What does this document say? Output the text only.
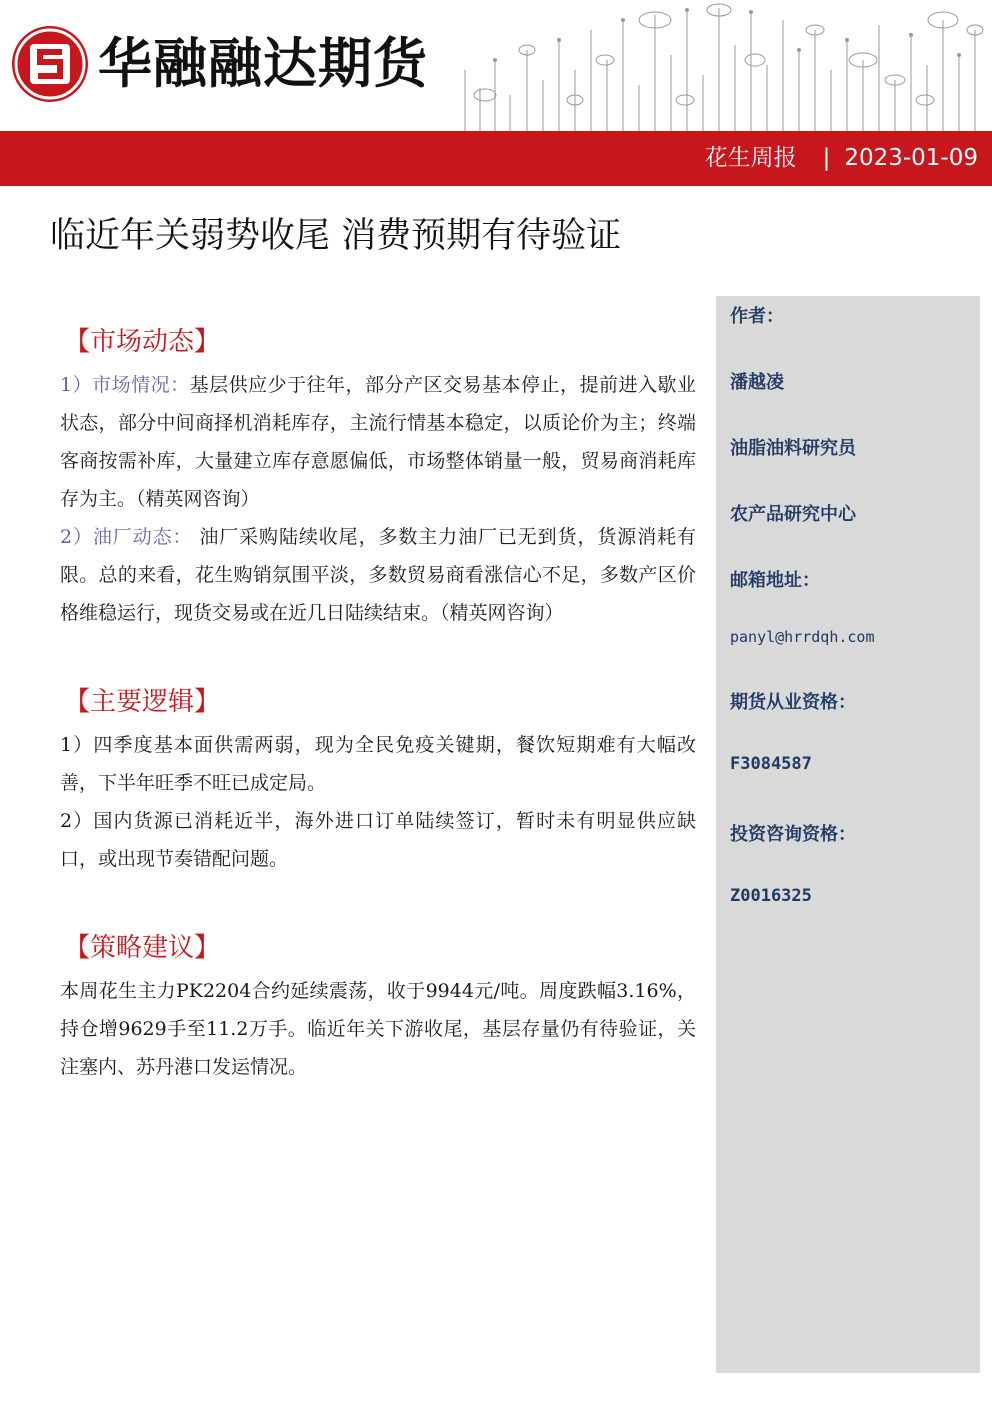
华融融达期货
花生周报 | 2023-01-09
临近年关弱势收尾 消费预期有待验证
【市场动态】

1）市场情况：基层供应少于往年，部分产区交易基本停止，提前进入歇业状态，部分中间商择机消耗库存，主流行情基本稳定，以质论价为主；终端客商按需补库，大量建立库存意愿偏低，市场整体销量一般，贸易商消耗库存为主。（精英网咨询）

2）油厂动态： 油厂采购陆续收尾，多数主力油厂已无到货，货源消耗有限。总的来看，花生购销氛围平淡，多数贸易商看涨信心不足，多数产区价格维稳运行，现货交易或在近几日陆续结束。（精英网咨询）

【主要逻辑】

1）四季度基本面供需两弱，现为全民免疫关键期，餐饮短期难有大幅改善，下半年旺季不旺已成定局。

2）国内货源已消耗近半，海外进口订单陆续签订，暂时未有明显供应缺口，或出现节奏错配问题。

【策略建议】

本周花生主力PK2204合约延续震荡，收于9944元/吨。周度跌幅3.16%，持仓增9629手至11.2万手。临近年关下游收尾，基层存量仍有待验证，关注塞内、苏丹港口发运情况。

作者：
潘越凌
油脂油料研究员
农产品研究中心
邮箱地址：
panyl@hrrdqh.com
期货从业资格：
F3084587
投资咨询资格：
Z0016325
